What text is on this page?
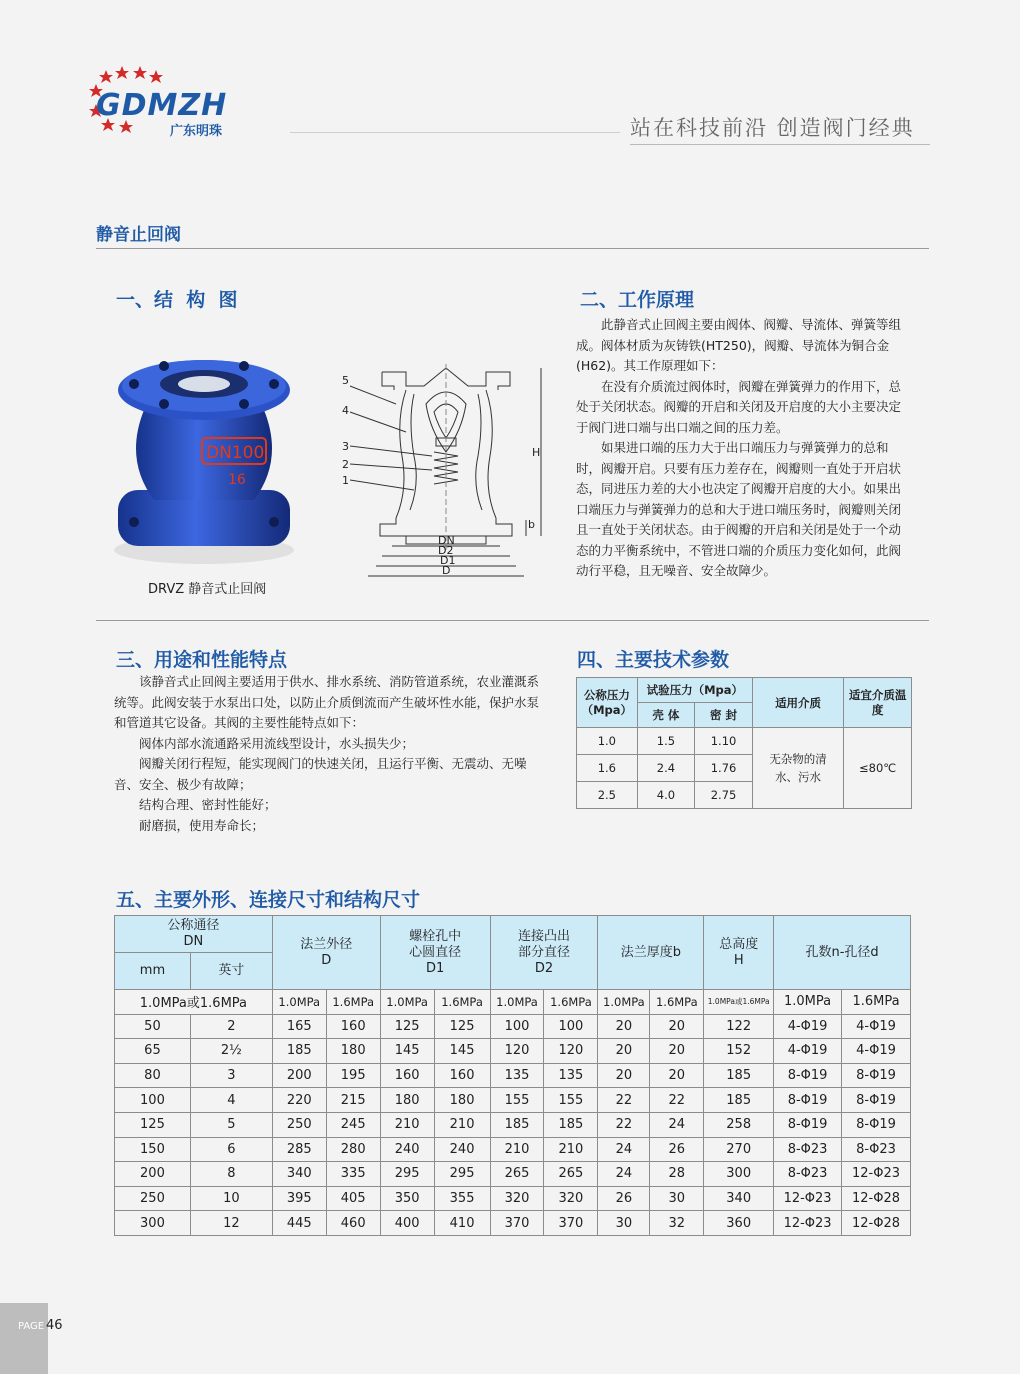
GDMZH
广东明珠	站在科技前沿 创造阀门经典
静音止回阀
一、结  构  图
DN100
16
DRVZ 静音式止回阀
5
4
3
2
1
H
b
DN
D2
D1
D
二、工作原理

此静音式止回阀主要由阀体、阀瓣、导流体、弹簧等组成。阀体材质为灰铸铁(HT250)，阀瓣、导流体为铜合金(H62)。其工作原理如下：

在没有介质流过阀体时，阀瓣在弹簧弹力的作用下，总处于关闭状态。阀瓣的开启和关闭及开启度的大小主要决定于阀门进口端与出口端之间的压力差。

如果进口端的压力大于出口端压力与弹簧弹力的总和时，阀瓣开启。只要有压力差存在，阀瓣则一直处于开启状态，同进压力差的大小也决定了阀瓣开启度的大小。如果出口端压力与弹簧弹力的总和大于进口端压务时，阀瓣则关闭且一直处于关闭状态。由于阀瓣的开启和关闭是处于一个动态的力平衡系统中，不管进口端的介质压力变化如何，此阀动行平稳，且无噪音、安全故障少。

三、用途和性能特点

该静音式止回阀主要适用于供水、排水系统、消防管道系统，农业灌溉系统等。此阀安装于水泵出口处，以防止介质倒流而产生破坏性水能，保护水泵和管道其它设备。其阀的主要性能特点如下：

阀体内部水流通路采用流线型设计，水头损失少；

阀瓣关闭行程短，能实现阀门的快速关闭，且运行平衡、无震动、无噪音、安全、极少有故障；

结构合理、密封性能好；

耐磨损，使用寿命长；

四、主要技术参数
公称压力
（Mpa）	试验压力（Mpa）		适用介质	适宜介质温度
	壳 体	密 封		
1.0	1.5	1.10	无杂物的清水、污水	≤80℃
1.6	2.4	1.76		
2.5	4.0	2.75		
五、主要外形、连接尺寸和结构尺寸
公称通径DN		法兰外径D		螺栓孔中心圆直径D1		连接凸出部分直径D2		法兰厚度b		总高度H	孔数n-孔径d	
mm	英寸											
1.0MPa或1.6MPa		1.0MPa	1.6MPa	1.0MPa	1.6MPa	1.0MPa	1.6MPa	1.0MPa	1.6MPa	1.0MPa或1.6MPa	1.0MPa	1.6MPa
50	2	165	160	125	125	100	100	20	20	122	4-Φ19	4-Φ19
65	2½	185	180	145	145	120	120	20	20	152	4-Φ19	4-Φ19
80	3	200	195	160	160	135	135	20	20	185	8-Φ19	8-Φ19
100	4	220	215	180	180	155	155	22	22	185	8-Φ19	8-Φ19
125	5	250	245	210	210	185	185	22	24	258	8-Φ19	8-Φ19
150	6	285	280	240	240	210	210	24	26	270	8-Φ23	8-Φ23
200	8	340	335	295	295	265	265	24	28	300	8-Φ23	12-Φ23
250	10	395	405	350	355	320	320	26	30	340	12-Φ23	12-Φ28
300	12	445	460	400	410	370	370	30	32	360	12-Φ23	12-Φ28
PAGE 46
